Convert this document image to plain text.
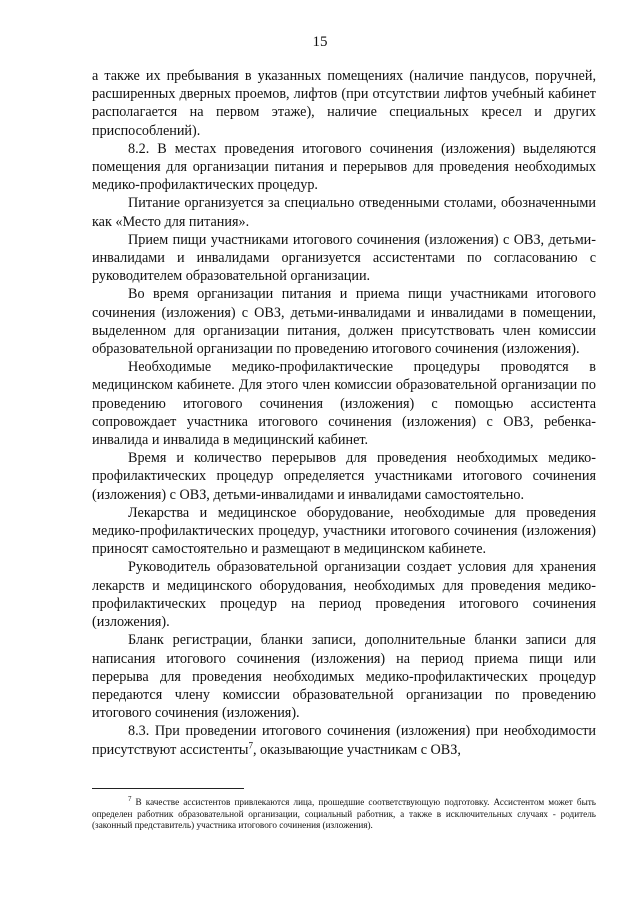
15

а также их пребывания в указанных помещениях (наличие пандусов, поручней, расширенных дверных проемов, лифтов (при отсутствии лифтов учебный кабинет располагается на первом этаже), наличие специальных кресел и других приспособлений).

8.2. В местах проведения итогового сочинения (изложения) выделяются помещения для организации питания и перерывов для проведения необходимых медико-профилактических процедур.

Питание организуется за специально отведенными столами, обозначенными как «Место для питания».

Прием пищи участниками итогового сочинения (изложения) с ОВЗ, детьми-инвалидами и инвалидами организуется ассистентами по согласованию с руководителем образовательной организации.

Во время организации питания и приема пищи участниками итогового сочинения (изложения) с ОВЗ, детьми-инвалидами и инвалидами в помещении, выделенном для организации питания, должен присутствовать член комиссии образовательной организации по проведению итогового сочинения (изложения).

Необходимые медико-профилактические процедуры проводятся в медицинском кабинете. Для этого член комиссии образовательной организации по проведению итогового сочинения (изложения) с помощью ассистента сопровождает участника итогового сочинения (изложения) с ОВЗ, ребенка-инвалида и инвалида в медицинский кабинет.

Время и количество перерывов для проведения необходимых медико-профилактических процедур определяется участниками итогового сочинения (изложения) с ОВЗ, детьми-инвалидами и инвалидами самостоятельно.

Лекарства и медицинское оборудование, необходимые для проведения медико-профилактических процедур, участники итогового сочинения (изложения) приносят самостоятельно и размещают в медицинском кабинете.

Руководитель образовательной организации создает условия для хранения лекарств и медицинского оборудования, необходимых для проведения медико-профилактических процедур на период проведения итогового сочинения (изложения).

Бланк регистрации, бланки записи, дополнительные бланки записи для написания итогового сочинения (изложения) на период приема пищи или перерыва для проведения необходимых медико-профилактических процедур передаются члену комиссии образовательной организации по проведению итогового сочинения (изложения).

8.3. При проведении итогового сочинения (изложения) при необходимости присутствуют ассистенты$^7$, оказывающие участникам с ОВЗ,

$^7$ В качестве ассистентов привлекаются лица, прошедшие соответствующую подготовку. Ассистентом может быть определен работник образовательной организации, социальный работник, а также в исключительных случаях - родитель (законный представитель) участника итогового сочинения (изложения).
